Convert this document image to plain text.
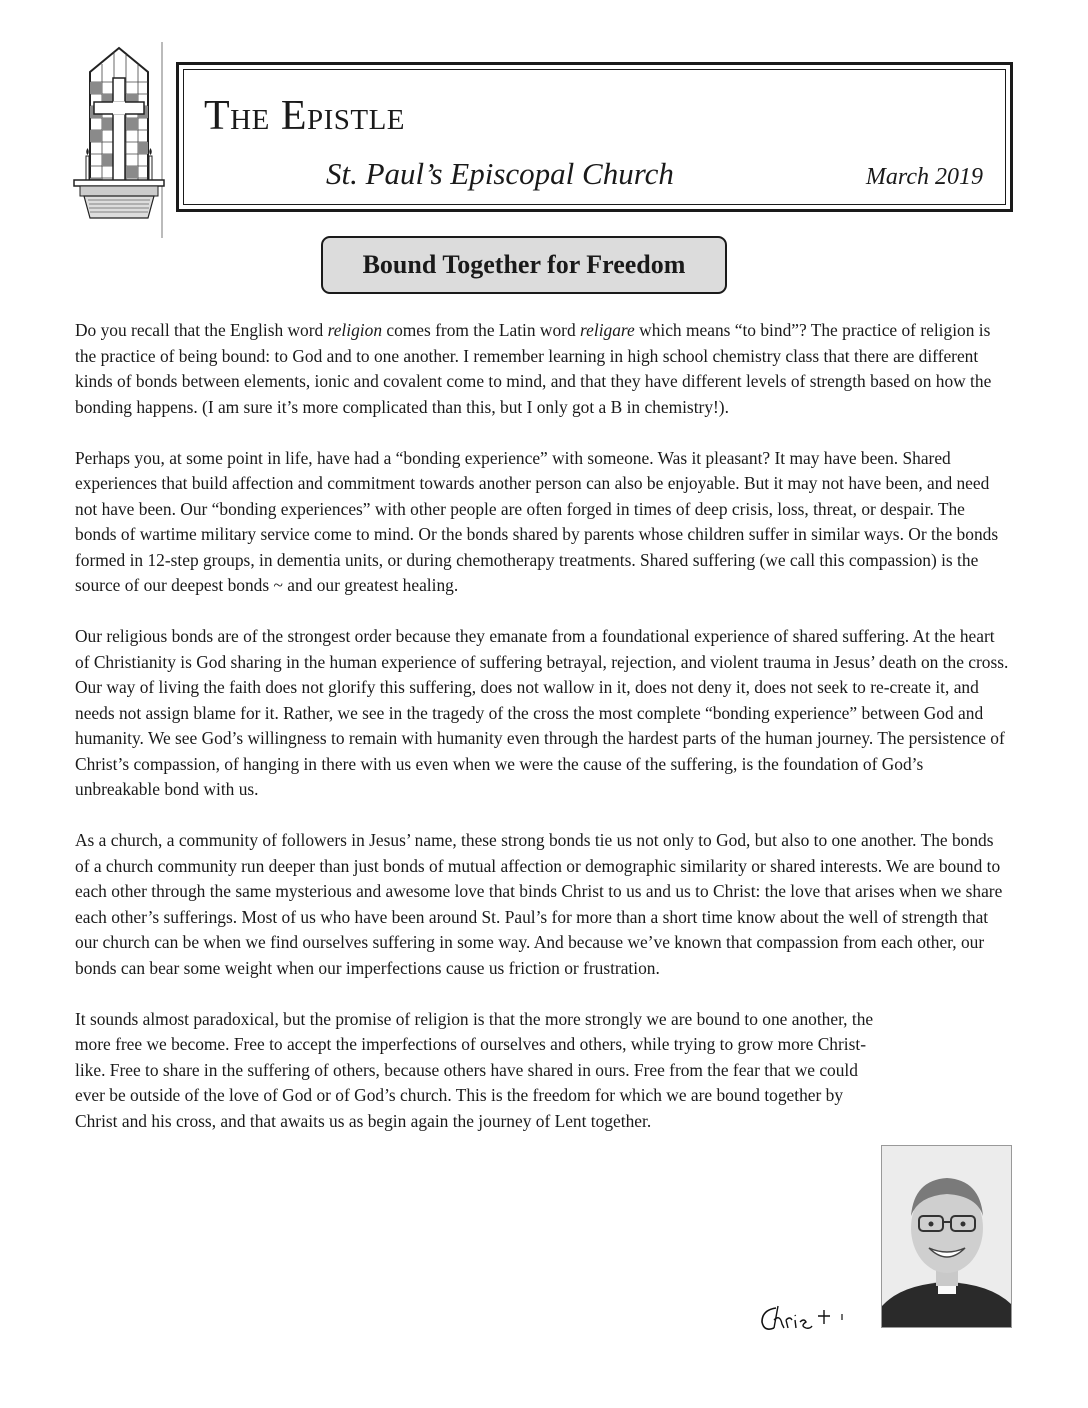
The Epistle
St. Paul’s Episcopal Church	March 2019
Bound Together for Freedom

Do you recall that the English word religion comes from the Latin word religare which means “to bind”? The practice of religion is the practice of being bound: to God and to one another. I remember learning in high school chemistry class that there are different kinds of bonds between elements, ionic and covalent come to mind, and that they have different levels of strength based on how the bonding happens. (I am sure it’s more complicated than this, but I only got a B in chemistry!).

Perhaps you, at some point in life, have had a “bonding experience” with someone. Was it pleasant? It may have been. Shared experiences that build affection and commitment towards another person can also be enjoyable. But it may not have been, and need not have been. Our “bonding experiences” with other people are often forged in times of deep crisis, loss, threat, or despair. The bonds of wartime military service come to mind. Or the bonds shared by parents whose children suffer in similar ways. Or the bonds formed in 12-step groups, in dementia units, or during chemotherapy treatments. Shared suffering (we call this compassion) is the source of our deepest bonds ~ and our greatest healing.

Our religious bonds are of the strongest order because they emanate from a foundational experience of shared suffering. At the heart of Christianity is God sharing in the human experience of suffering betrayal, rejection, and violent trauma in Jesus’ death on the cross. Our way of living the faith does not glorify this suffering, does not wallow in it, does not deny it, does not seek to re-create it, and needs not assign blame for it. Rather, we see in the tragedy of the cross the most complete “bonding experience” between God and humanity. We see God’s willingness to remain with humanity even through the hardest parts of the human journey. The persistence of Christ’s compassion, of hanging in there with us even when we were the cause of the suffering, is the foundation of God’s unbreakable bond with us.

As a church, a community of followers in Jesus’ name, these strong bonds tie us not only to God, but also to one another. The bonds of a church community run deeper than just bonds of mutual affection or demographic similarity or shared interests. We are bound to each other through the same mysterious and awesome love that binds Christ to us and us to Christ: the love that arises when we share each other’s sufferings. Most of us who have been around St. Paul’s for more than a short time know about the well of strength that our church can be when we find ourselves suffering in some way. And because we’ve known that compassion from each other, our bonds can bear some weight when our imperfections cause us friction or frustration.

It sounds almost paradoxical, but the promise of religion is that the more strongly we are bound to one another, the more free we become. Free to accept the imperfections of ourselves and others, while trying to grow more Christ-like. Free to share in the suffering of others, because others have shared in ours. Free from the fear that we could ever be outside of the love of God or of God’s church. This is the freedom for which we are bound together by Christ and his cross, and that awaits us as begin again the journey of Lent together.
